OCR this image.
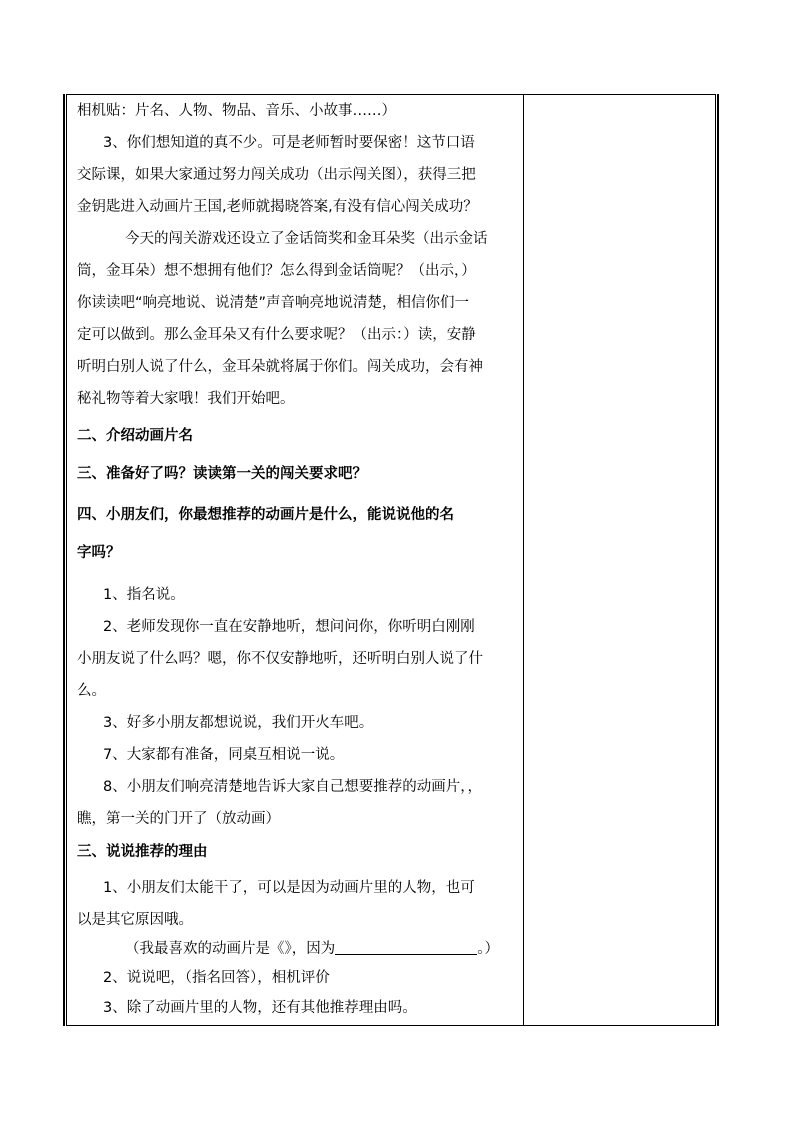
相机贴：片名、人物、物品、音乐、小故事……）
3、你们想知道的真不少。可是老师暂时要保密！这节口语
交际课，如果大家通过努力闯关成功（出示闯关图），获得三把
金钥匙进入动画片王国,老师就揭晓答案,有没有信心闯关成功？
今天的闯关游戏还设立了金话筒奖和金耳朵奖（出示金话
筒，金耳朵）想不想拥有他们？怎么得到金话筒呢？（出示，）
你读读吧“响亮地说、说清楚”声音响亮地说清楚，相信你们一
定可以做到。那么金耳朵又有什么要求呢？（出示：）读，安静
听明白别人说了什么，金耳朵就将属于你们。闯关成功，会有神
秘礼物等着大家哦！我们开始吧。
二、介绍动画片名
三、准备好了吗？读读第一关的闯关要求吧？
四、小朋友们，你最想推荐的动画片是什么，能说说他的名
字吗？
1、指名说。
2、老师发现你一直在安静地听，想问问你，你听明白刚刚
小朋友说了什么吗？嗯，你不仅安静地听，还听明白别人说了什
么。
3、好多小朋友都想说说，我们开火车吧。
7、大家都有准备，同桌互相说一说。
8、小朋友们响亮清楚地告诉大家自己想要推荐的动画片，，
瞧，第一关的门开了（放动画）
三、说说推荐的理由
1、小朋友们太能干了，可以是因为动画片里的人物，也可
以是其它原因哦。
（我最喜欢的动画片是《》，因为	。）
2、说说吧，（指名回答），相机评价
3、除了动画片里的人物，还有其他推荐理由吗。
